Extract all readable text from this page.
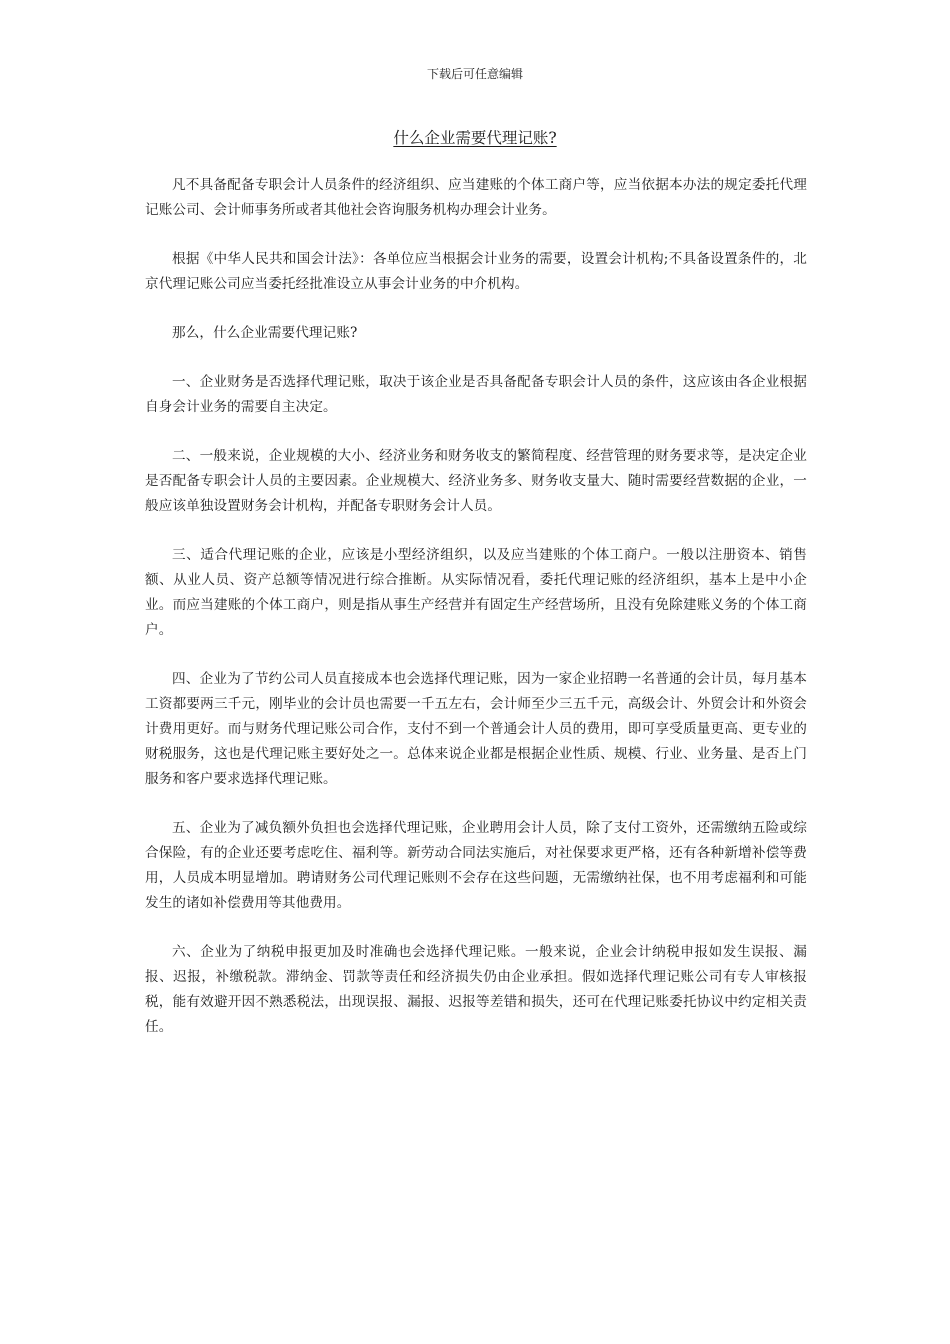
下载后可任意编辑
什么企业需要代理记账?

凡不具备配备专职会计人员条件的经济组织、应当建账的个体工商户等，应当依据本办法的规定委托代理记账公司、会计师事务所或者其他社会咨询服务机构办理会计业务。

根据《中华人民共和国会计法》：各单位应当根据会计业务的需要，设置会计机构;不具备设置条件的，北京代理记账公司应当委托经批准设立从事会计业务的中介机构。

那么，什么企业需要代理记账?

一、企业财务是否选择代理记账，取决于该企业是否具备配备专职会计人员的条件，这应该由各企业根据自身会计业务的需要自主决定。

二、一般来说，企业规模的大小、经济业务和财务收支的繁简程度、经营管理的财务要求等，是决定企业是否配备专职会计人员的主要因素。企业规模大、经济业务多、财务收支量大、随时需要经营数据的企业，一般应该单独设置财务会计机构，并配备专职财务会计人员。

三、适合代理记账的企业，应该是小型经济组织，以及应当建账的个体工商户。一般以注册资本、销售额、从业人员、资产总额等情况进行综合推断。从实际情况看，委托代理记账的经济组织，基本上是中小企业。而应当建账的个体工商户，则是指从事生产经营并有固定生产经营场所，且没有免除建账义务的个体工商户。

四、企业为了节约公司人员直接成本也会选择代理记账，因为一家企业招聘一名普通的会计员，每月基本工资都要两三千元，刚毕业的会计员也需要一千五左右，会计师至少三五千元，高级会计、外贸会计和外资会计费用更好。而与财务代理记账公司合作，支付不到一个普通会计人员的费用，即可享受质量更高、更专业的财税服务，这也是代理记账主要好处之一。总体来说企业都是根据企业性质、规模、行业、业务量、是否上门服务和客户要求选择代理记账。

五、企业为了减负额外负担也会选择代理记账，企业聘用会计人员，除了支付工资外，还需缴纳五险或综合保险，有的企业还要考虑吃住、福利等。新劳动合同法实施后，对社保要求更严格，还有各种新增补偿等费用，人员成本明显增加。聘请财务公司代理记账则不会存在这些问题，无需缴纳社保，也不用考虑福利和可能发生的诸如补偿费用等其他费用。

六、企业为了纳税申报更加及时准确也会选择代理记账。一般来说，企业会计纳税申报如发生误报、漏报、迟报，补缴税款。滞纳金、罚款等责任和经济损失仍由企业承担。假如选择代理记账公司有专人审核报税，能有效避开因不熟悉税法，出现误报、漏报、迟报等差错和损失，还可在代理记账委托协议中约定相关责任。
